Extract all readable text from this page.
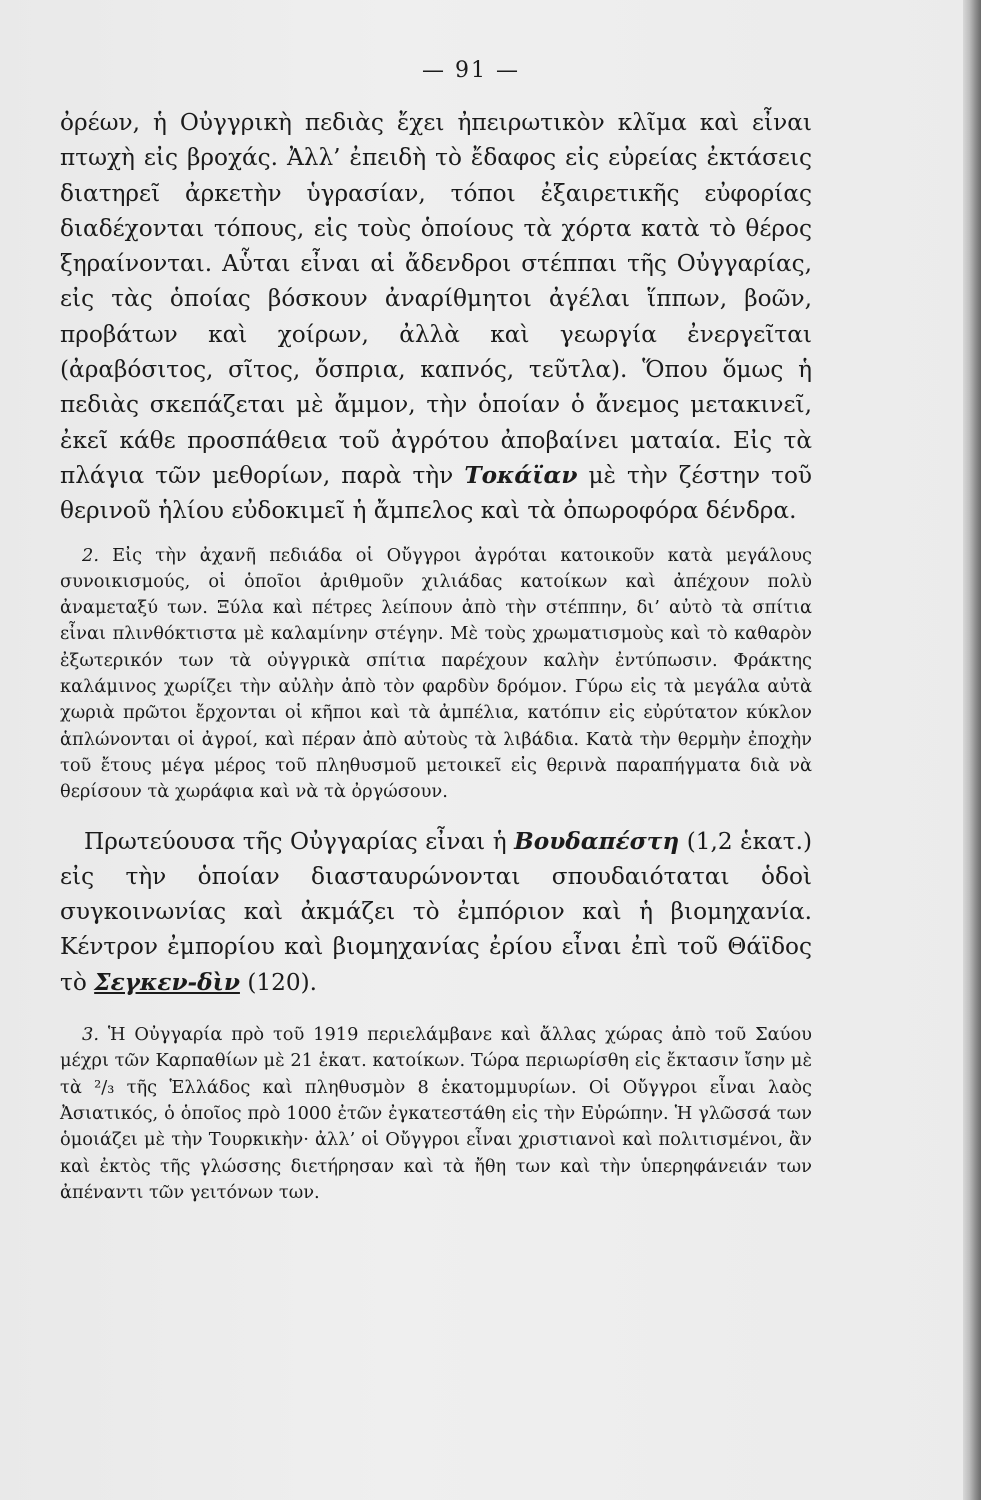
— 91 —

ὀρέων, ἡ Οὐγγρικὴ πεδιὰς ἔχει ἠπειρωτικὸν κλῖμα καὶ εἶναι πτωχὴ εἰς βροχάς. Ἀλλ’ ἐπειδὴ τὸ ἔδαφος εἰς εὐρείας ἐκτάσεις διατηρεῖ ἀρκετὴν ὑγρασίαν, τόποι ἐξαιρετικῆς εὐφορίας διαδέχονται τόπους, εἰς τοὺς ὁποίους τὰ χόρτα κατὰ τὸ θέρος ξηραίνονται. Αὗται εἶναι αἱ ἄδενδροι στέππαι τῆς Οὐγγαρίας, εἰς τὰς ὁποίας βόσκουν ἀναρίθμητοι ἀγέλαι ἵππων, βοῶν, προβάτων καὶ χοίρων, ἀλλὰ καὶ γεωργία ἐνεργεῖται (ἀραβόσιτος, σῖτος, ὄσπρια, καπνός, τεῦτλα). Ὅπου ὅμως ἡ πεδιὰς σκεπάζεται μὲ ἄμμον, τὴν ὁποίαν ὁ ἄνεμος μετακινεῖ, ἐκεῖ κάθε προσπάθεια τοῦ ἀγρότου ἀποβαίνει ματαία. Εἰς τὰ πλάγια τῶν μεθορίων, παρὰ τὴν Τοκάϊαν μὲ τὴν ζέστην τοῦ θερινοῦ ἡλίου εὐδοκιμεῖ ἡ ἄμπελος καὶ τὰ ὀπωροφόρα δένδρα.

2. Εἰς τὴν ἀχανῆ πεδιάδα οἱ Οὔγγροι ἀγρόται κατοικοῦν κατὰ μεγάλους συνοικισμούς, οἱ ὁποῖοι ἀριθμοῦν χιλιάδας κατοίκων καὶ ἀπέχουν πολὺ ἀναμεταξύ των. Ξύλα καὶ πέτρες λείπουν ἀπὸ τὴν στέππην, δι’ αὐτὸ τὰ σπίτια εἶναι πλινθόκτιστα μὲ καλαμίνην στέγην. Μὲ τοὺς χρωματισμοὺς καὶ τὸ καθαρὸν ἐξωτερικόν των τὰ οὐγγρικὰ σπίτια παρέχουν καλὴν ἐντύπωσιν. Φράκτης καλάμινος χωρίζει τὴν αὐλὴν ἀπὸ τὸν φαρδὺν δρόμον. Γύρω εἰς τὰ μεγάλα αὐτὰ χωριὰ πρῶτοι ἔρχονται οἱ κῆποι καὶ τὰ ἀμπέλια, κατόπιν εἰς εὐρύτατον κύκλον ἁπλώνονται οἱ ἀγροί, καὶ πέραν ἀπὸ αὐτοὺς τὰ λιβάδια. Κατὰ τὴν θερμὴν ἐποχὴν τοῦ ἔτους μέγα μέρος τοῦ πληθυσμοῦ μετοικεῖ εἰς θερινὰ παραπήγματα διὰ νὰ θερίσουν τὰ χωράφια καὶ νὰ τὰ ὀργώσουν.

Πρωτεύουσα τῆς Οὐγγαρίας εἶναι ἡ Βουδαπέστη (1,2 ἑκατ.) εἰς τὴν ὁποίαν διασταυρώνονται σπουδαιόταται ὁδοὶ συγκοινωνίας καὶ ἀκμάζει τὸ ἐμπόριον καὶ ἡ βιομηχανία. Κέντρον ἐμπορίου καὶ βιομηχανίας ἐρίου εἶναι ἐπὶ τοῦ Θάϊδος τὸ Σεγκεν-δὶν (120).

3. Ἡ Οὐγγαρία πρὸ τοῦ 1919 περιελάμβανε καὶ ἄλλας χώρας ἀπὸ τοῦ Σαύου μέχρι τῶν Καρπαθίων μὲ 21 ἑκατ. κατοίκων. Τώρα περιωρίσθη εἰς ἔκτασιν ἴσην μὲ τὰ ²/₃ τῆς Ἑλλάδος καὶ πληθυσμὸν 8 ἑκατομμυρίων. Οἱ Οὔγγροι εἶναι λαὸς Ἀσιατικός, ὁ ὁποῖος πρὸ 1000 ἐτῶν ἐγκατεστάθη εἰς τὴν Εὐρώπην. Ἡ γλῶσσά των ὁμοιάζει μὲ τὴν Τουρκικὴν· ἀλλ’ οἱ Οὔγγροι εἶναι χριστιανοὶ καὶ πολιτισμένοι, ἂν καὶ ἐκτὸς τῆς γλώσσης διετήρησαν καὶ τὰ ἤθη των καὶ τὴν ὑπερηφάνειάν των ἀπέναντι τῶν γειτόνων των.
